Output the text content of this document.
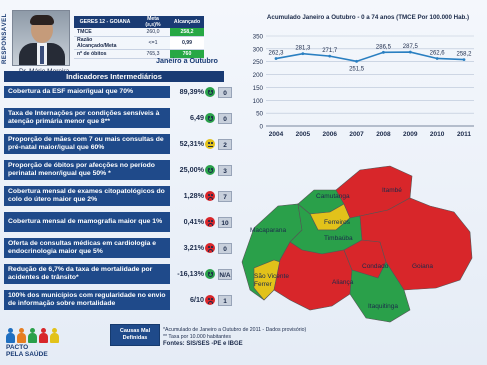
RESPONSÁVEL	GERES 12 - GOIANA	Meta (≥,≤)%	Alcançado
TMCE	260,0	258,2
Razão Alcançado/Meta	<=1	0,99
nº de óbitos	765,3	760
Janeiro a Outubro
Indicadores Intermediários
Cobertura da ESF maior/igual que 70%	89,39%	0
Taxa de Internações por condições sensíveis à atenção primária menor que 8**	6,49	0
Proporção de mães com 7 ou mais consultas de pré-natal maior/igual que 60%	52,31%	2
Proporção de óbitos por afecções no período perinatal menor/igual que 50% *	25,00%	3
Cobertura mensal de exames citopatológicos do colo do útero maior que 2%	1,28%	7
Cobertura mensal de mamografia maior que 1%	0,41%	10
Oferta de consultas médicas em cardiologia e endocrinologia maior que 5%	3,21%	0
Redução de 6,7% da taxa de mortalidade por acidentes de trânsito*	-16,13% N/A
100% dos municípios com regularidade no envio de informação sobre mortalidade	6/10	1
PACTO
PELA SAÚDE
Causas Mal Definidas
*Acumulado de Janeiro a Outubro de 2011 - Dados provisório)
** Taxa por 10.000 habitantes
Fontes: SIS/SES -PE e IBGE
Acumulado Janeiro a Outubro - 0 a 74 anos (TMCE Por 100.000 Hab.)
0
50
100
150
200
250
300
350
2004 2005 2006 2007 2008 2009 2010 2011
262,3
281,3 271,7
251,5
286,5 287,5
262,6 258,2
Macaparana
São Vicente
Ferrer
Camutanga
Ferreiros
Itambé
Timbaúba
Aliança
Condado	Goiana
Itaquitinga
